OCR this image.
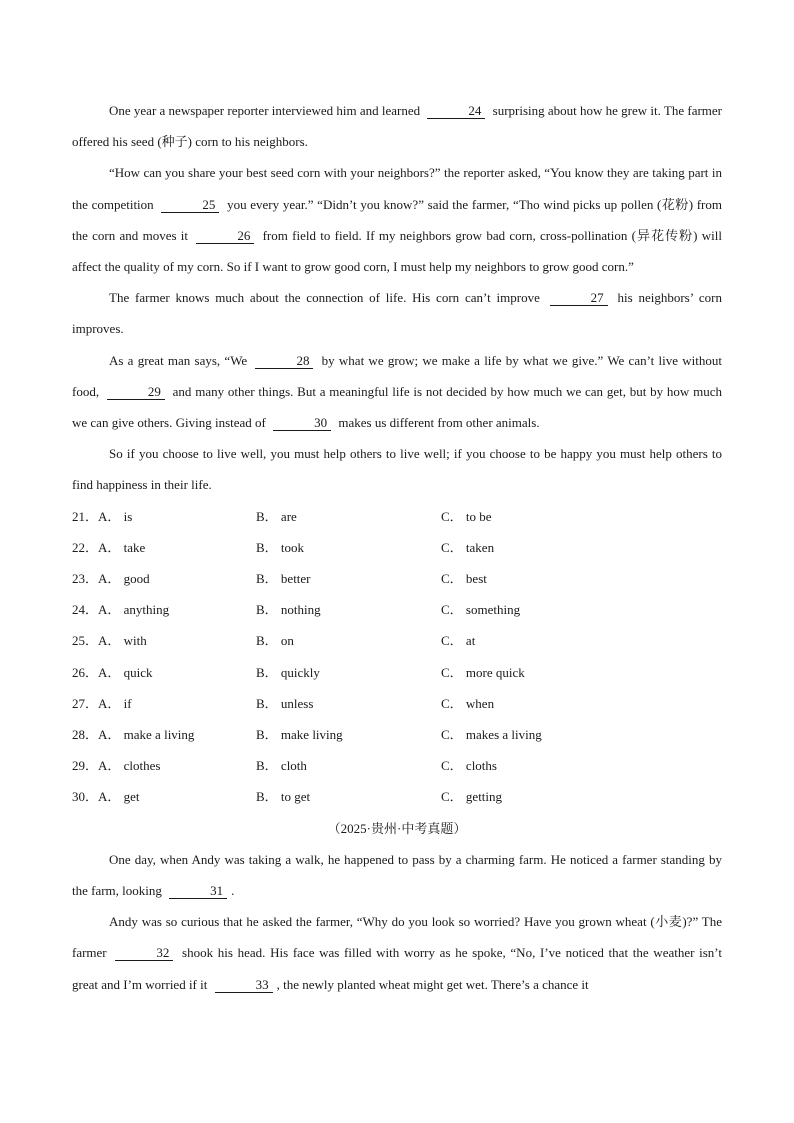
One year a newspaper reporter interviewed him and learned	24 surprising about how he grew it. The farmer offered his seed (种子) corn to his neighbors.

“How can you share your best seed corn with your neighbors?” the reporter asked, “You know they are taking part in the competition	25 you every year.” “Didn’t you know?” said the farmer, “Tho wind picks up pollen (花粉) from the corn and moves it	26 from field to field. If my neighbors grow bad corn, cross-pollination (异花传粉) will affect the quality of my corn. So if I want to grow good corn, I must help my neighbors to grow good corn.”

The farmer knows much about the connection of life. His corn can’t improve	27 his neighbors’ corn improves.

As a great man says, “We	28 by what we grow; we make a life by what we give.” We can’t live without food,	29 and many other things. But a meaningful life is not decided by how much we can get, but by how much we can give others. Giving instead of	30 makes us different from other animals.

So if you choose to live well, you must help others to live well; if you choose to be happy you must help others to find happiness in their life.

21．A． is	B． are	C． to be
22．A． take	B． took	C． taken
23．A． good	B． better	C． best
24．A． anything	B． nothing	C． something
25．A． with	B． on	C． at
26．A． quick	B． quickly	C． more quick
27．A． if	B． unless	C． when
28．A． make a living	B． make living	C． makes a living
29．A． clothes	B． cloth	C． cloths
30．A． get	B． to get	C． getting
（2025·贵州·中考真题）

One day, when Andy was taking a walk, he happened to pass by a charming farm. He noticed a farmer standing by the farm, looking	31 .

Andy was so curious that he asked the farmer, “Why do you look so worried? Have you grown wheat (小麦)?” The farmer	32 shook his head. His face was filled with worry as he spoke, “No, I’ve noticed that the weather isn’t great and I’m worried if it	33 , the newly planted wheat might get wet. There’s a chance it
